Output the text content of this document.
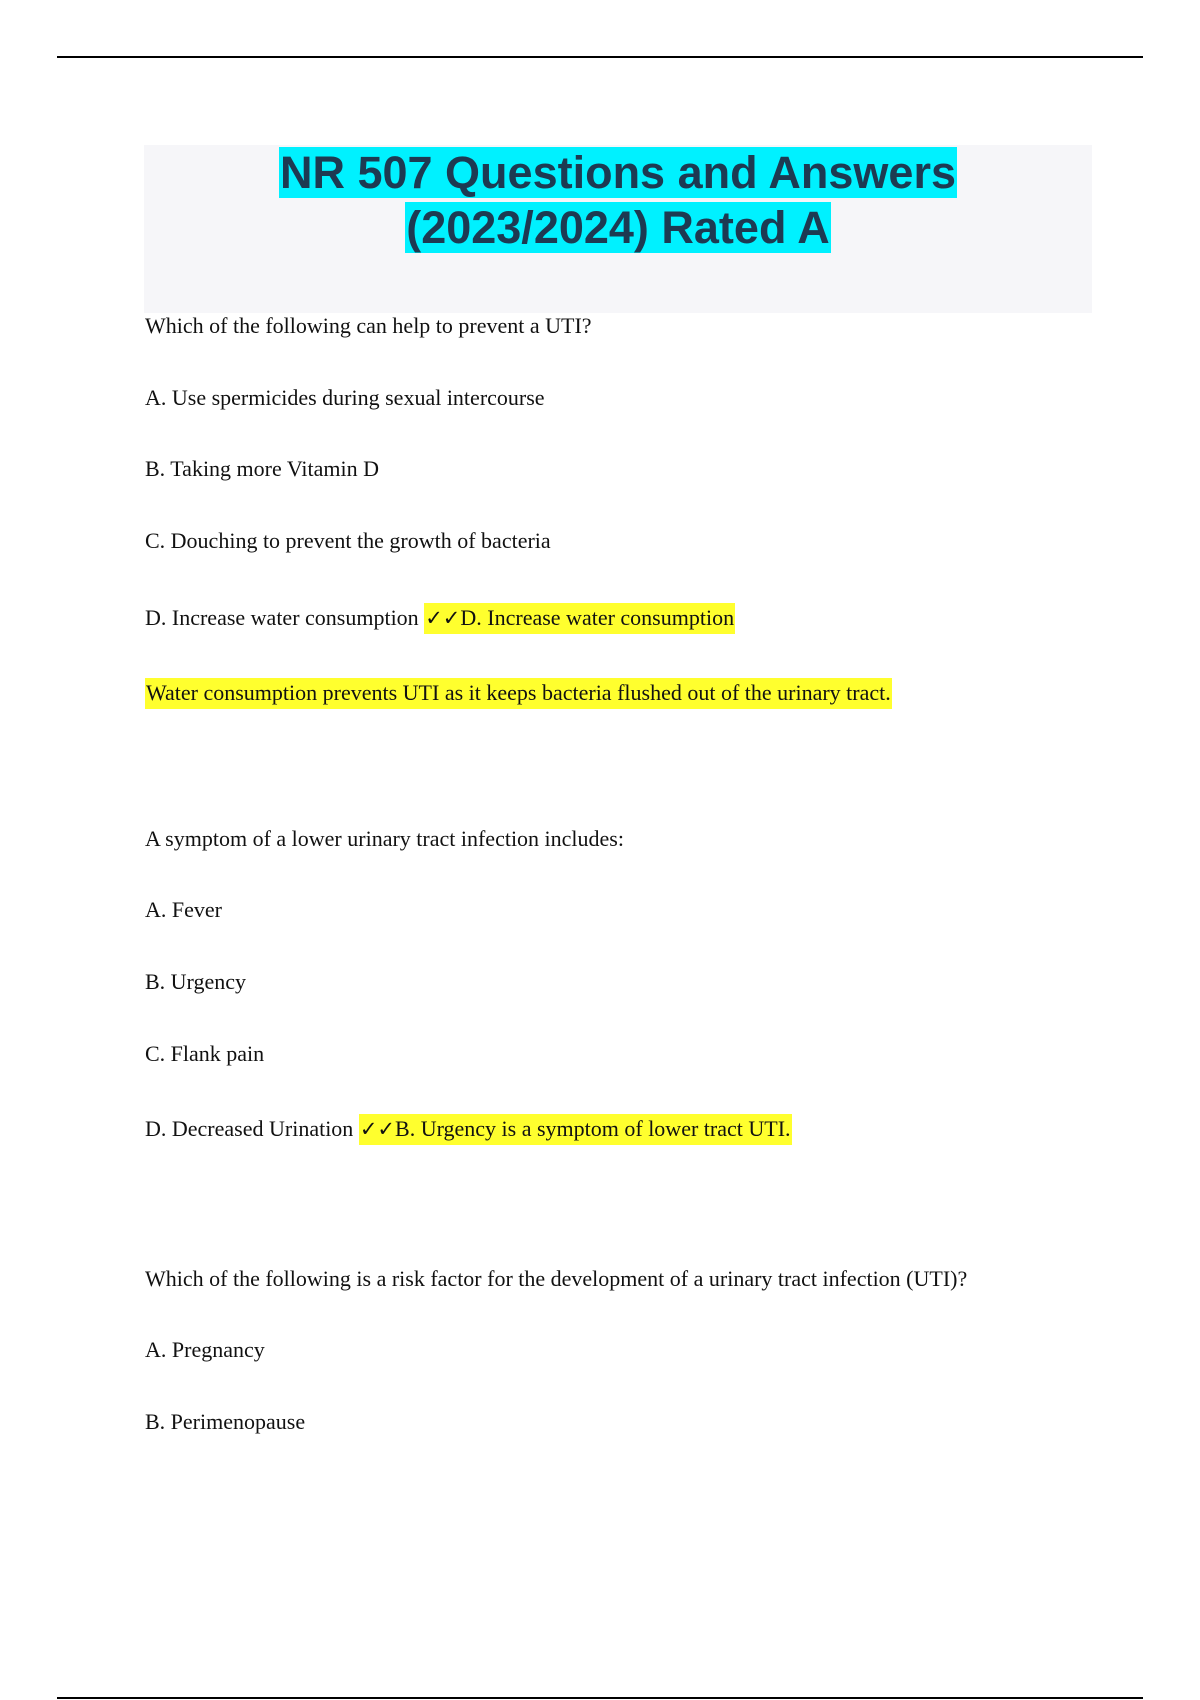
NR 507 Questions and Answers
(2023/2024) Rated A
Which of the following can help to prevent a UTI?
A. Use spermicides during sexual intercourse
B. Taking more Vitamin D
C. Douching to prevent the growth of bacteria
D. Increase water consumption ✓✓D. Increase water consumption
Water consumption prevents UTI as it keeps bacteria flushed out of the urinary tract.
A symptom of a lower urinary tract infection includes:
A. Fever
B. Urgency
C. Flank pain
D. Decreased Urination ✓✓B. Urgency is a symptom of lower tract UTI.
Which of the following is a risk factor for the development of a urinary tract infection (UTI)?
A. Pregnancy
B. Perimenopause
